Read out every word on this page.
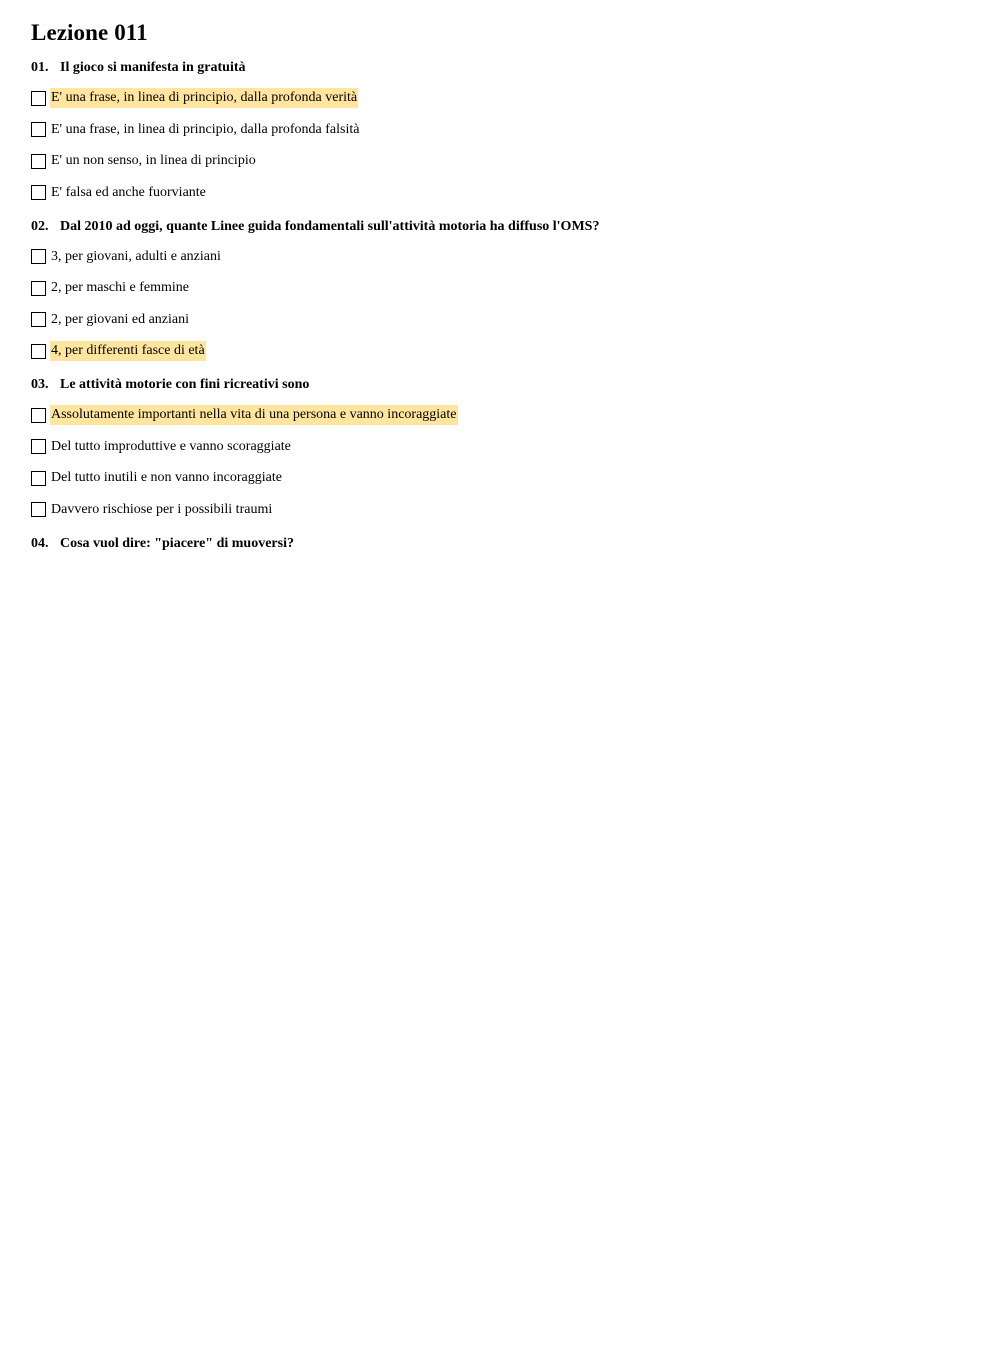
Lezione 011
01. Il gioco si manifesta in gratuità
E' una frase, in linea di principio, dalla profonda verità
E' una frase, in linea di principio, dalla profonda falsità
E' un non senso, in linea di principio
E' falsa ed anche fuorviante
02. Dal 2010 ad oggi, quante Linee guida fondamentali sull'attività motoria ha diffuso l'OMS?
3, per giovani, adulti e anziani
2, per maschi e femmine
2, per giovani ed anziani
4, per differenti fasce di età
03. Le attività motorie con fini ricreativi sono
Assolutamente importanti nella vita di una persona e vanno incoraggiate
Del tutto improduttive e vanno scoraggiate
Del tutto inutili e non vanno incoraggiate
Davvero rischiose per i possibili traumi
04. Cosa vuol dire: "piacere" di muoversi?
